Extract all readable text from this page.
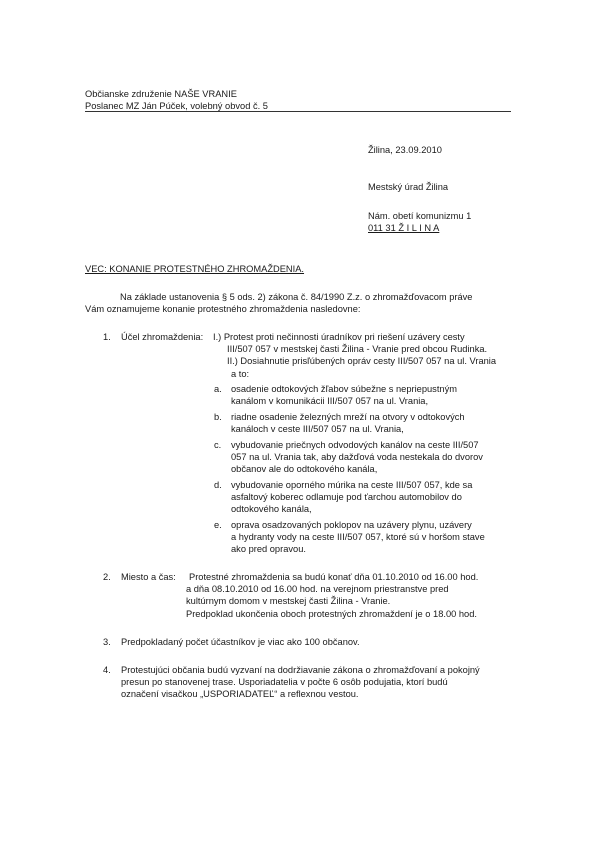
Občianske združenie NAŠE VRANIE
Poslanec MZ Ján Púček, volebný obvod č. 5
Žilina, 23.09.2010
Mestský úrad Žilina
Nám. obetí komunizmu 1
011 31 Ž I L I N A
VEC: KONANIE PROTESTNÉHO ZHROMAŽDENIA.
Na základe ustanovenia § 5 ods. 2) zákona č. 84/1990 Z.z. o zhromažďovacom práve
Vám oznamujeme konanie protestného zhromaždenia nasledovne:
1. Účel zhromaždenia: I.) Protest proti nečinnosti úradníkov pri riešení uzávery cesty
III/507 057 v mestskej časti Žilina - Vranie pred obcou Rudinka.
II.) Dosiahnutie prisľúbených opráv cesty III/507 057 na ul. Vrania
a to:
a. osadenie odtokových žľabov súbežne s nepriepustným
kanálom v komunikácii III/507 057 na ul. Vrania,
b. riadne osadenie železných mreží na otvory v odtokových
kanáloch v ceste III/507 057 na ul. Vrania,
c. vybudovanie priečnych odvodových kanálov na ceste III/507
057 na ul. Vrania tak, aby dažďová voda nestekala do dvorov
občanov ale do odtokového kanála,
d. vybudovanie oporného múrika na ceste III/507 057, kde sa
asfaltový koberec odlamuje pod ťarchou automobilov do
odtokového kanála,
e. oprava osadzovaných poklopov na uzávery plynu, uzávery
a hydranty vody na ceste III/507 057, ktoré sú v horšom stave
ako pred opravou.
2. Miesto a čas: Protestné zhromaždenia sa budú konať dňa 01.10.2010 od 16.00 hod.
a dňa 08.10.2010 od 16.00 hod. na verejnom priestranstve pred
kultúrnym domom v mestskej časti Žilina - Vranie.
Predpoklad ukončenia oboch protestných zhromaždení je o 18.00 hod.
3. Predpokladaný počet účastníkov je viac ako 100 občanov.
4. Protestujúci občania budú vyzvaní na dodržiavanie zákona o zhromažďovaní a pokojný
presun po stanovenej trase. Usporiadatelia v počte 6 osôb podujatia, ktorí budú
označení visačkou „USPORIADATEĽ“ a reflexnou vestou.
